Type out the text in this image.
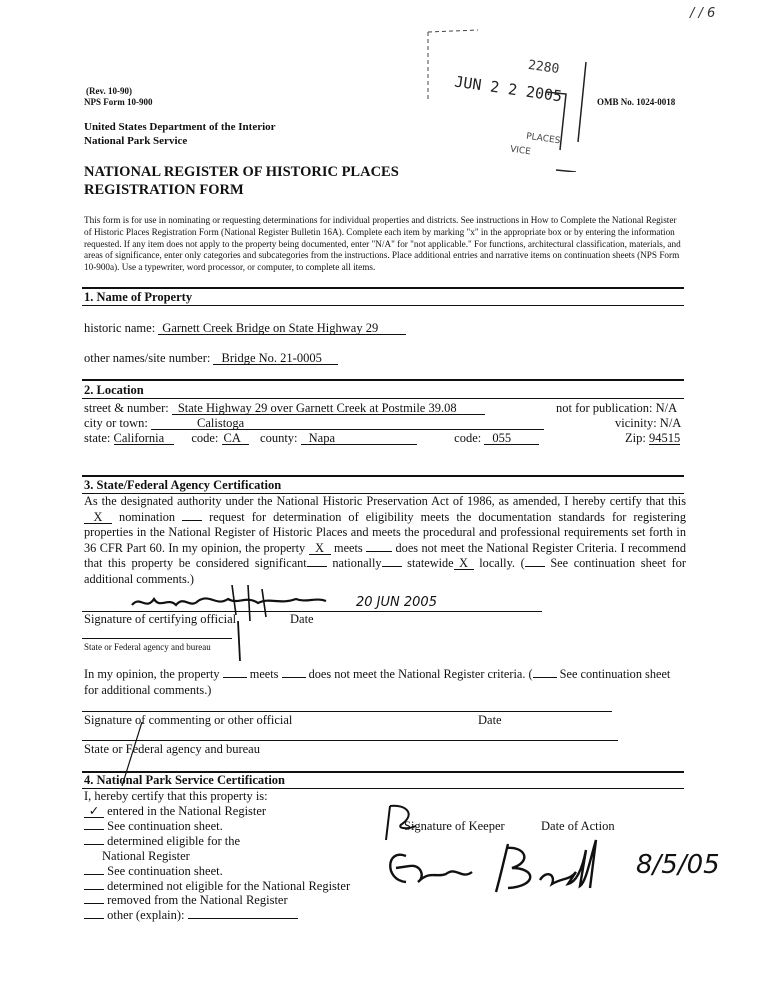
/ / 6
2280
JUN 2 2 2005
PLACES
VICE
(Rev. 10-90)
NPS Form 10-900	OMB No. 1024-0018
United States Department of the Interior
National Park Service
NATIONAL REGISTER OF HISTORIC PLACES
REGISTRATION FORM
This form is for use in nominating or requesting determinations for individual properties and districts. See instructions in How to Complete the National Register of Historic Places Registration Form (National Register Bulletin 16A). Complete each item by marking "x" in the appropriate box or by entering the information requested. If any item does not apply to the property being documented, enter "N/A" for "not applicable." For functions, architectural classification, materials, and areas of significance, enter only categories and subcategories from the instructions. Place additional entries and narrative items on continuation sheets (NPS Form 10-900a). Use a typewriter, word processor, or computer, to complete all items.
1. Name of Property
historic name: Garnett Creek Bridge on State Highway 29
other names/site number: Bridge No. 21-0005
2. Location
street & number: State Highway 29 over Garnett Creek at Postmile 39.08	not for publication: N/A
city or town:	Calistoga	vicinity: N/A
state: California code: CA county: Napa	code: 055	Zip: 94515
3. State/Federal Agency Certification
As the designated authority under the National Historic Preservation Act of 1986, as amended, I hereby certify that this X nomination	request for determination of eligibility meets the documentation standards for registering properties in the National Register of Historic Places and meets the procedural and professional requirements set forth in 36 CFR Part 60. In my opinion, the property X meets	does not meet the National Register Criteria. I recommend that this property be considered significant nationally statewide X locally. ( See continuation sheet for additional comments.)
20 JUN 2005
Signature of certifying official	Date
State or Federal agency and bureau
In my opinion, the property meets does not meet the National Register criteria. ( See continuation sheet for additional comments.)
Signature of commenting or other official	Date
State or Federal agency and bureau
4. National Park Service Certification
I, hereby certify that this property is:
✓ entered in the National Register
See continuation sheet.
determined eligible for the
National Register
See continuation sheet.
determined not eligible for the National Register
removed from the National Register
other (explain):
Signature of Keeper	Date of Action
8/5/05
